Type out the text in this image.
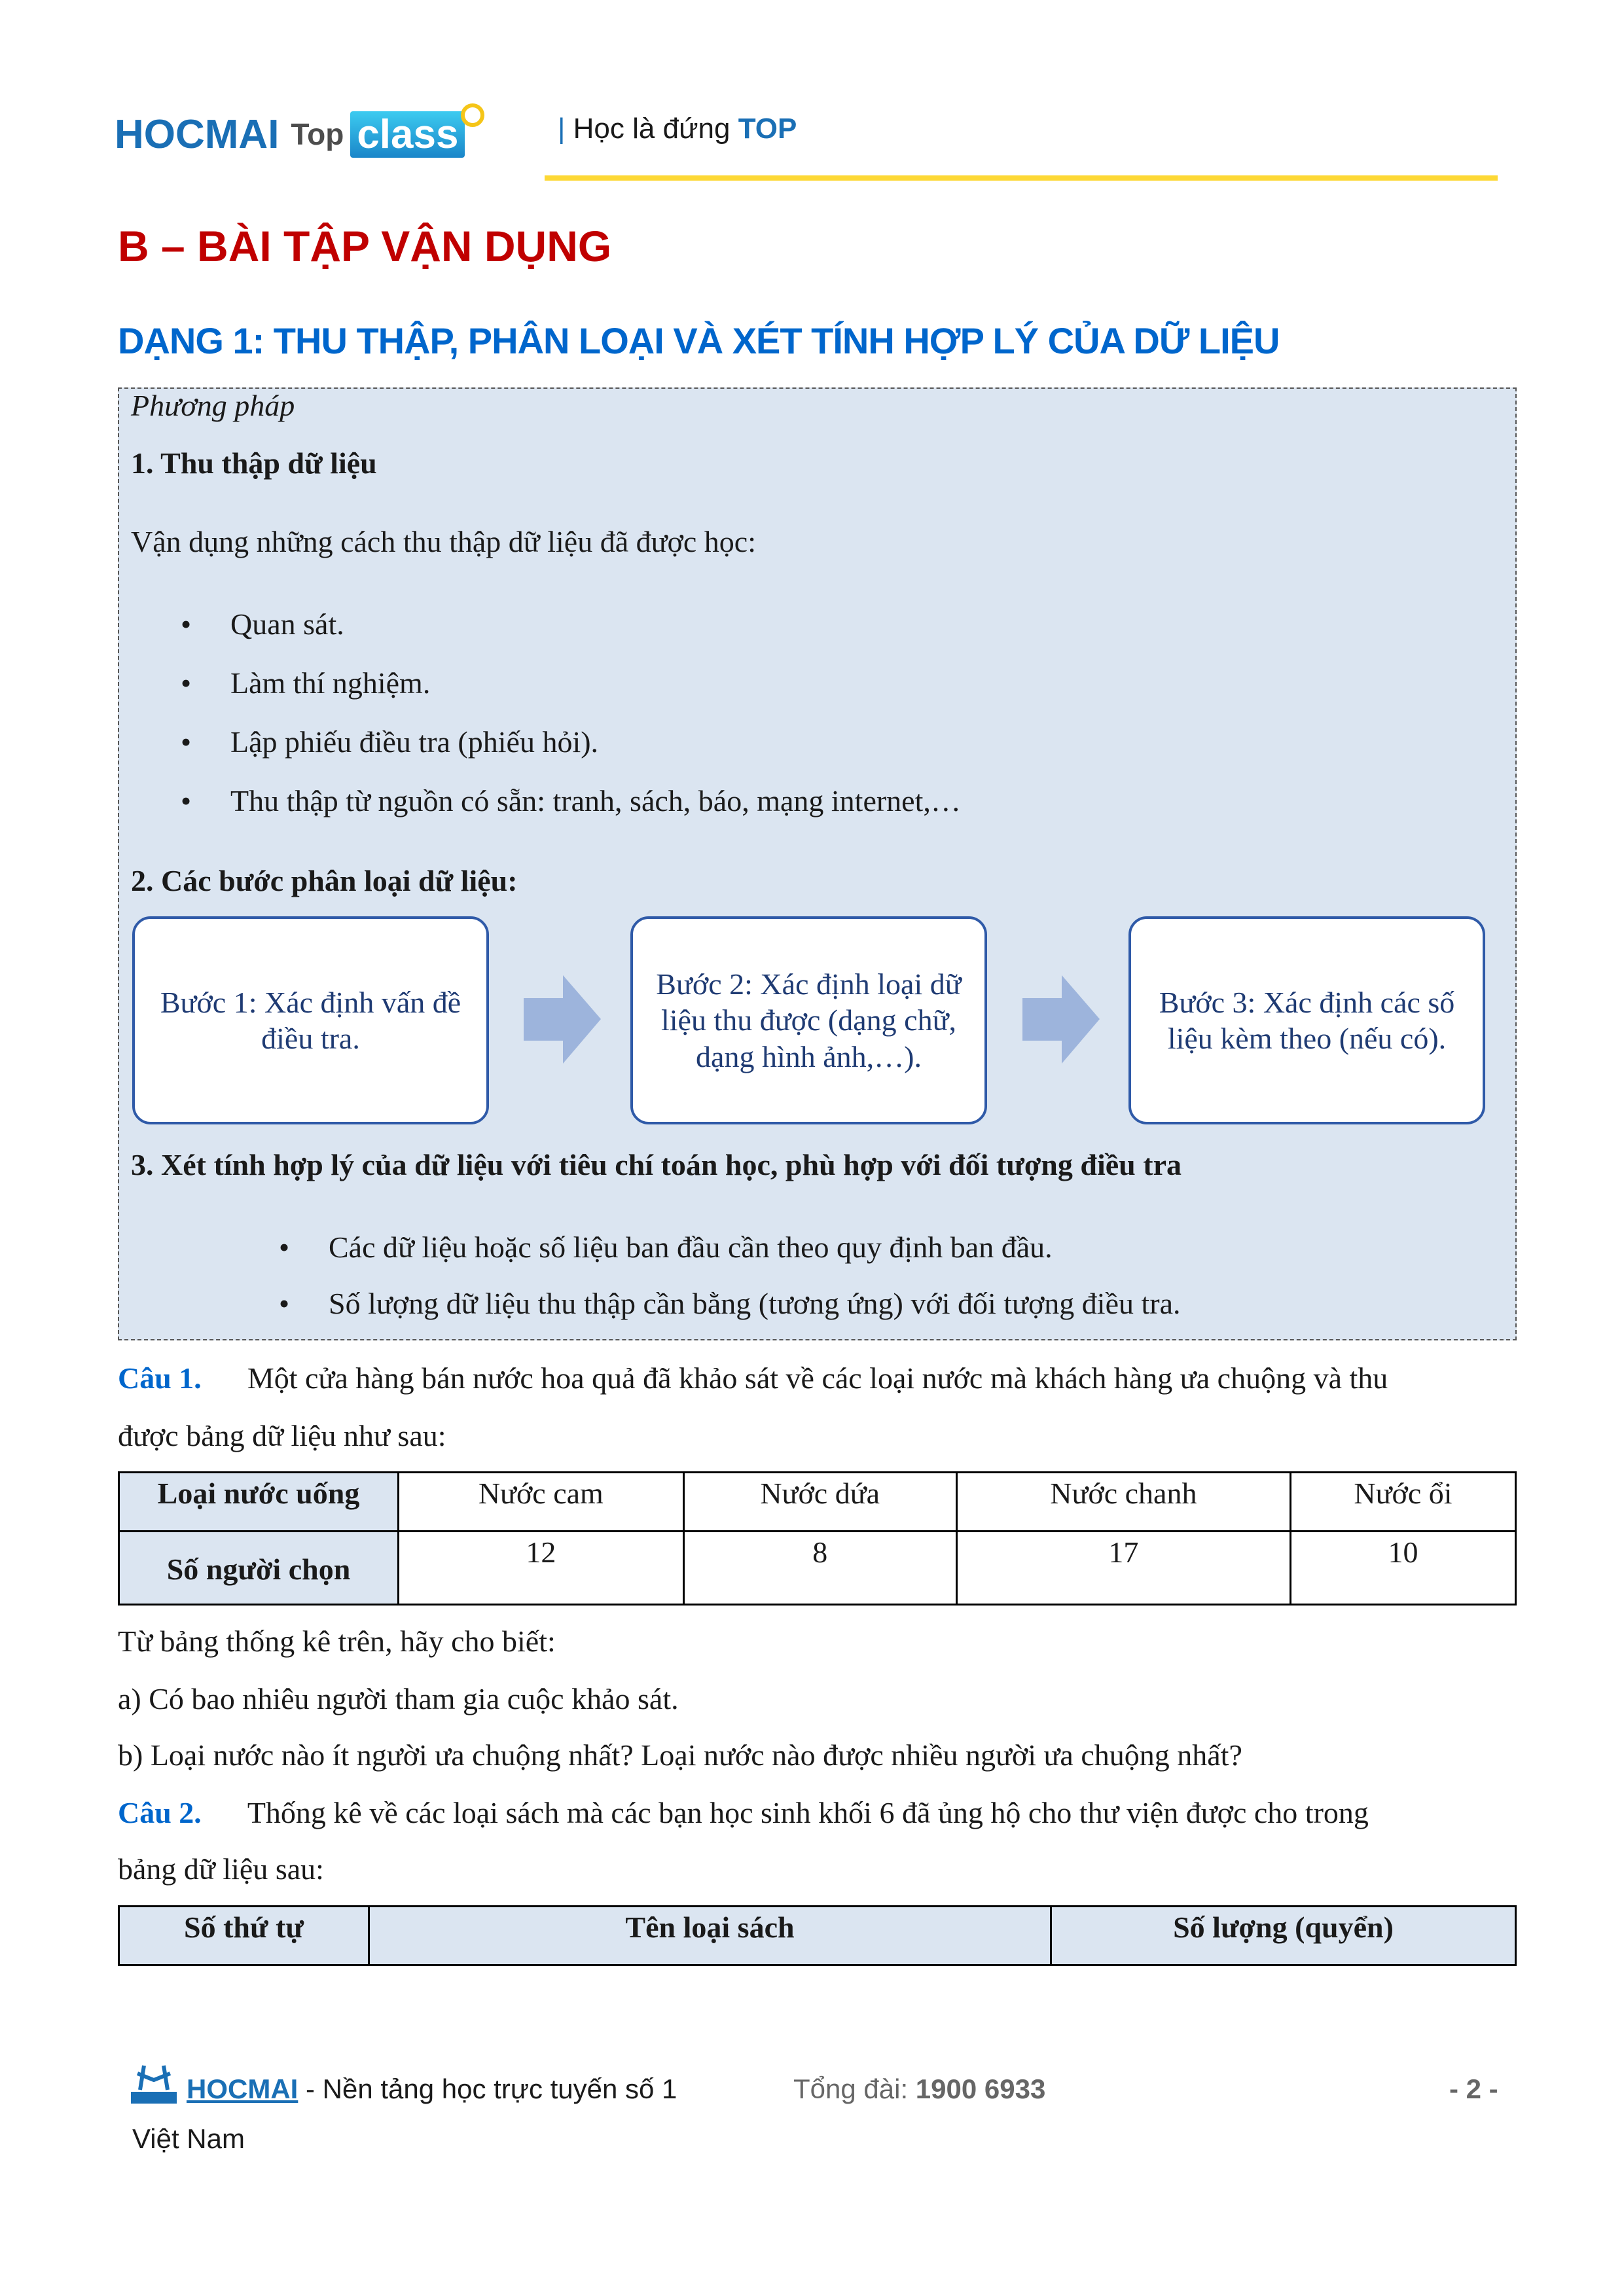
HOCMAI Top class	| Học là đứng TOP
B – BÀI TẬP VẬN DỤNG
DẠNG 1: THU THẬP, PHÂN LOẠI VÀ XÉT TÍNH HỢP LÝ CỦA DỮ LIỆU
Phương pháp
1. Thu thập dữ liệu
Vận dụng những cách thu thập dữ liệu đã được học:
• Quan sát.
• Làm thí nghiệm.
• Lập phiếu điều tra (phiếu hỏi).
• Thu thập từ nguồn có sẵn: tranh, sách, báo, mạng internet,…
2. Các bước phân loại dữ liệu:
Bước 1: Xác định vấn đề điều tra.
Bước 2: Xác định loại dữ liệu thu được (dạng chữ, dạng hình ảnh,…).
Bước 3: Xác định các số liệu kèm theo (nếu có).
3. Xét tính hợp lý của dữ liệu với tiêu chí toán học, phù hợp với đối tượng điều tra
• Các dữ liệu hoặc số liệu ban đầu cần theo quy định ban đầu.
• Số lượng dữ liệu thu thập cần bằng (tương ứng) với đối tượng điều tra.
Câu 1. Một cửa hàng bán nước hoa quả đã khảo sát về các loại nước mà khách hàng ưa chuộng và thu
được bảng dữ liệu như sau:
Loại nước uống	Nước cam	Nước dứa	Nước chanh	Nước ổi
Số người chọn	12	8	17	10
Từ bảng thống kê trên, hãy cho biết:
a) Có bao nhiêu người tham gia cuộc khảo sát.
b) Loại nước nào ít người ưa chuộng nhất? Loại nước nào được nhiều người ưa chuộng nhất?
Câu 2. Thống kê về các loại sách mà các bạn học sinh khối 6 đã ủng hộ cho thư viện được cho trong
bảng dữ liệu sau:
Số thứ tự	Tên loại sách	Số lượng (quyển)
HOCMAI - Nền tảng học trực tuyến số 1
Việt Nam
Tổng đài: 1900 6933	- 2 -
